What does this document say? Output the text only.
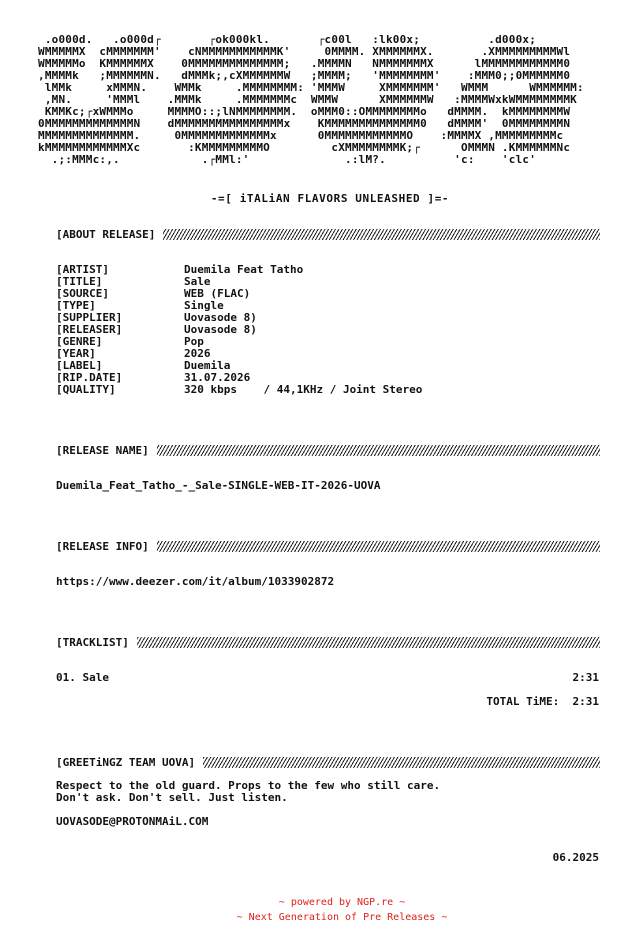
.o000d.   .o000d┌       ┌ok000kl.       ┌c00l   :lk00x;          .d000x;
WMMMMMX  cMMMMMMM'    cNMMMMMMMMMMMK'     0MMMM. XMMMMMMX.       .XMMMMMMMMMWl
WMMMMMo  KMMMMMMX    0MMMMMMMMMMMMMM;   .MMMMN   NMMMMMMMX      lMMMMMMMMMMMM0
,MMMMk   ;MMMMMMN.   dMMMk;,cXMMMMMMW   ;MMMM;   'MMMMMMMM'    :MMM0;;0MMMMMM0
lMMk     xMMMN.    WMMk     .MMMMMMMM: 'MMMW     XMMMMMMM'   WMMM      WMMMMMM:
,MN.     'MMMl    .MMMk     .MMMMMMMc  WMMW      XMMMMMMW   :MMMMWxkWMMMMMMMMK
KMMKc;┌xWMMMo     MMMMO::;lNMMMMMMMM.  oMMM0::OMMMMMMMMo   dMMMM.  kMMMMMMMMW
0MMMMMMMMMMMMMN    dMMMMMMMMMMMMMMMMx    KMMMMMMMMMMMMMM0   dMMMM'  0MMMMMMMMN
MMMMMMMMMMMMMM.     0MMMMMMMMMMMMMx      0MMMMMMMMMMMMO    :MMMMX ,MMMMMMMMMc
kMMMMMMMMMMMMXc       :KMMMMMMMMMO         cXMMMMMMMMK;┌      OMMMN .KMMMMMMNc
.;:MMMc:,.            .┌MMl:'              .:lM?.          'c:    'clc'
-=[ iTALiAN FLAVORS UNLEASHED ]=-
[ABOUT RELEASE]
[ARTIST]	Duemila Feat Tatho
[TITLE]	Sale
[SOURCE]	WEB (FLAC)
[TYPE]	Single
[SUPPLIER]	Uovasode 8)
[RELEASER]	Uovasode 8)
[GENRE]	Pop
[YEAR]	2026
[LABEL]	Duemila
[RIP.DATE]	31.07.2026
[QUALITY]	320 kbps    / 44,1KHz / Joint Stereo
[RELEASE NAME]
Duemila_Feat_Tatho_-_Sale-SINGLE-WEB-IT-2026-UOVA
[RELEASE INFO]
https://www.deezer.com/it/album/1033902872
[TRACKLIST]
01. Sale	2:31
TOTAL TiME:  2:31
[GREETiNGZ TEAM UOVA]
Respect to the old guard. Props to the few who still care.
Don't ask. Don't sell. Just listen.
UOVASODE@PROTONMAiL.COM
06.2025
~ powered by NGP.re ~
~ Next Generation of Pre Releases ~
